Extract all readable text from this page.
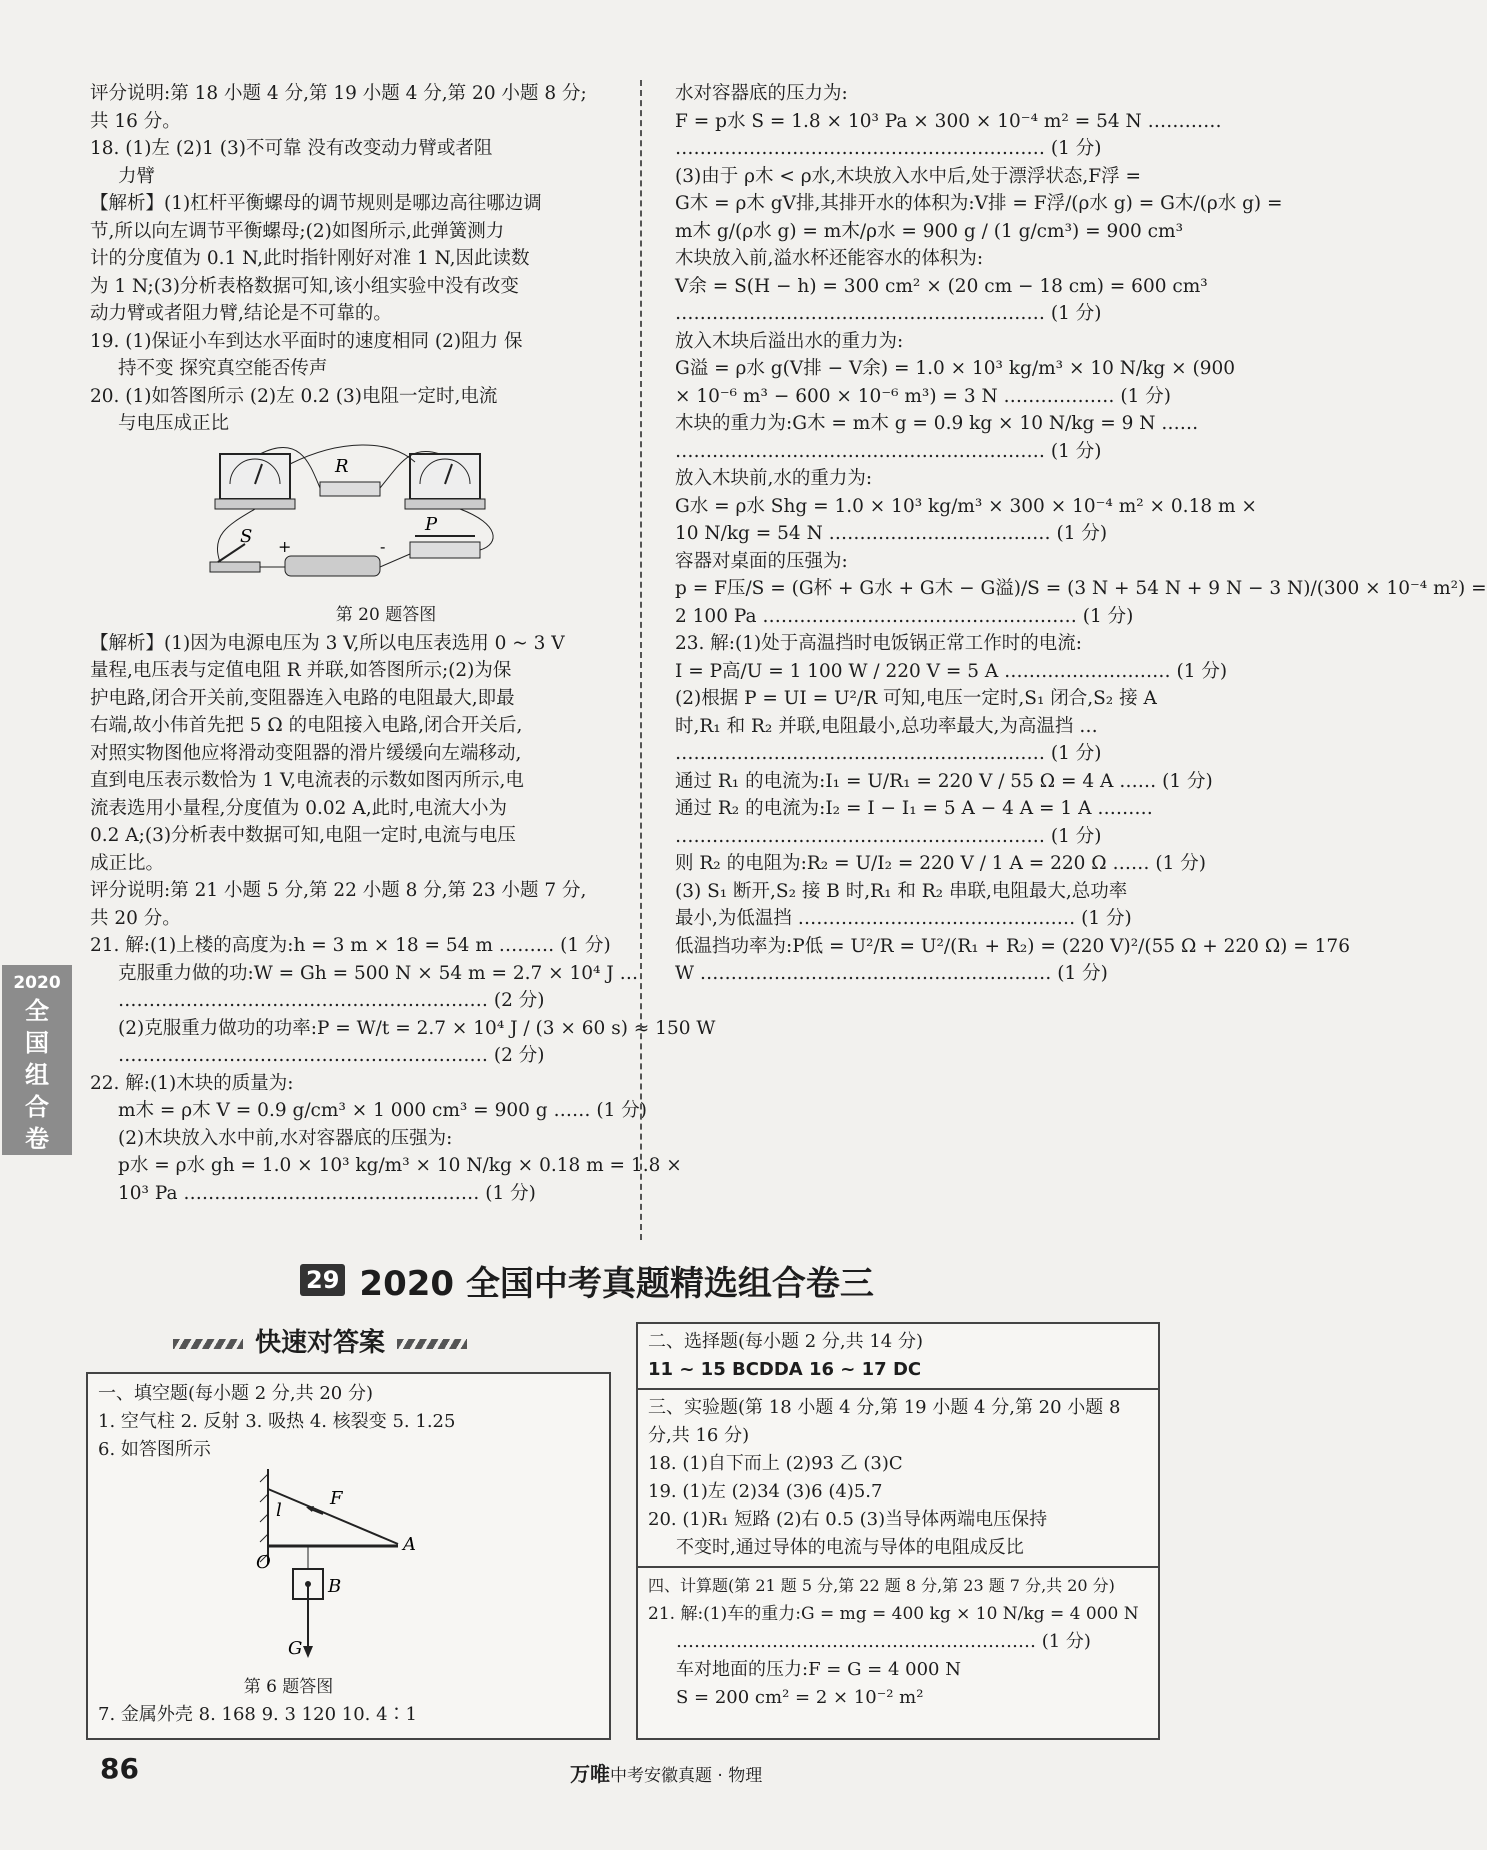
评分说明:第 18 小题 4 分,第 19 小题 4 分,第 20 小题 8 分;

共 16 分。

18. (1)左 (2)1 (3)不可靠 没有改变动力臂或者阻

力臂

【解析】(1)杠杆平衡螺母的调节规则是哪边高往哪边调

节,所以向左调节平衡螺母;(2)如图所示,此弹簧测力

计的分度值为 0.1 N,此时指针刚好对准 1 N,因此读数

为 1 N;(3)分析表格数据可知,该小组实验中没有改变

动力臂或者阻力臂,结论是不可靠的。

19. (1)保证小车到达水平面时的速度相同 (2)阻力 保

持不变 探究真空能否传声

20. (1)如答图所示 (2)左 0.2 (3)电阻一定时,电流

与电压成正比

R
S +	-
P

第 20 题答图

【解析】(1)因为电源电压为 3 V,所以电压表选用 0 ~ 3 V

量程,电压表与定值电阻 R 并联,如答图所示;(2)为保

护电路,闭合开关前,变阻器连入电路的电阻最大,即最

右端,故小伟首先把 5 Ω 的电阻接入电路,闭合开关后,

对照实物图他应将滑动变阻器的滑片缓缓向左端移动,

直到电压表示数恰为 1 V,电流表的示数如图丙所示,电

流表选用小量程,分度值为 0.02 A,此时,电流大小为

0.2 A;(3)分析表中数据可知,电阻一定时,电流与电压

成正比。

评分说明:第 21 小题 5 分,第 22 小题 8 分,第 23 小题 7 分,

共 20 分。

21. 解:(1)上楼的高度为:h = 3 m × 18 = 54 m ……… (1 分)

克服重力做的功:W = Gh = 500 N × 54 m = 2.7 × 10⁴ J …

…………………………………………………… (2 分)

(2)克服重力做功的功率:P = W/t = 2.7 × 10⁴ J / (3 × 60 s) ≈ 150 W

…………………………………………………… (2 分)

22. 解:(1)木块的质量为:

m木 = ρ木 V = 0.9 g/cm³ × 1 000 cm³ = 900 g …… (1 分)

(2)木块放入水中前,水对容器底的压强为:

p水 = ρ水 gh = 1.0 × 10³ kg/m³ × 10 N/kg × 0.18 m = 1.8 ×

10³ Pa ………………………………………… (1 分)

水对容器底的压力为:

F = p水 S = 1.8 × 10³ Pa × 300 × 10⁻⁴ m² = 54 N …………

…………………………………………………… (1 分)

(3)由于 ρ木 < ρ水,木块放入水中后,处于漂浮状态,F浮 =

G木 = ρ木 gV排,其排开水的体积为:V排 = F浮/(ρ水 g) = G木/(ρ水 g) =

m木 g/(ρ水 g) = m木/ρ水 = 900 g / (1 g/cm³) = 900 cm³

木块放入前,溢水杯还能容水的体积为:

V余 = S(H − h) = 300 cm² × (20 cm − 18 cm) = 600 cm³

…………………………………………………… (1 分)

放入木块后溢出水的重力为:

G溢 = ρ水 g(V排 − V余) = 1.0 × 10³ kg/m³ × 10 N/kg × (900

× 10⁻⁶ m³ − 600 × 10⁻⁶ m³) = 3 N ……………… (1 分)

木块的重力为:G木 = m木 g = 0.9 kg × 10 N/kg = 9 N ……

…………………………………………………… (1 分)

放入木块前,水的重力为:

G水 = ρ水 Shg = 1.0 × 10³ kg/m³ × 300 × 10⁻⁴ m² × 0.18 m ×

10 N/kg = 54 N ……………………………… (1 分)

容器对桌面的压强为:

p = F压/S = (G杯 + G水 + G木 − G溢)/S = (3 N + 54 N + 9 N − 3 N)/(300 × 10⁻⁴ m²) =

2 100 Pa …………………………………………… (1 分)

23. 解:(1)处于高温挡时电饭锅正常工作时的电流:

I = P高/U = 1 100 W / 220 V = 5 A ……………………… (1 分)

(2)根据 P = UI = U²/R 可知,电压一定时,S₁ 闭合,S₂ 接 A

时,R₁ 和 R₂ 并联,电阻最小,总功率最大,为高温挡 …

…………………………………………………… (1 分)

通过 R₁ 的电流为:I₁ = U/R₁ = 220 V / 55 Ω = 4 A …… (1 分)

通过 R₂ 的电流为:I₂ = I − I₁ = 5 A − 4 A = 1 A ………

…………………………………………………… (1 分)

则 R₂ 的电阻为:R₂ = U/I₂ = 220 V / 1 A = 220 Ω …… (1 分)

(3) S₁ 断开,S₂ 接 B 时,R₁ 和 R₂ 串联,电阻最大,总功率

最小,为低温挡 ……………………………………… (1 分)

低温挡功率为:P低 = U²/R = U²/(R₁ + R₂) = (220 V)²/(55 Ω + 220 Ω) = 176

W ………………………………………………… (1 分)

2020
全
国
组
合
卷
29 2020 全国中考真题精选组合卷三
快速对答案

一、填空题(每小题 2 分,共 20 分)

1. 空气柱 2. 反射 3. 吸热 4. 核裂变 5. 1.25

6. 如答图所示

F
l
O
A
B
G

第 6 题答图

7. 金属外壳 8. 168 9. 3 120 10. 4∶1

二、选择题(每小题 2 分,共 14 分)

11 ~ 15 BCDDA 16 ~ 17 DC

三、实验题(第 18 小题 4 分,第 19 小题 4 分,第 20 小题 8

分,共 16 分)

18. (1)自下而上 (2)93 乙 (3)C

19. (1)左 (2)34 (3)6 (4)5.7

20. (1)R₁ 短路 (2)右 0.5 (3)当导体两端电压保持

不变时,通过导体的电流与导体的电阻成反比

四、计算题(第 21 题 5 分,第 22 题 8 分,第 23 题 7 分,共 20 分)

21. 解:(1)车的重力:G = mg = 400 kg × 10 N/kg = 4 000 N

…………………………………………………… (1 分)

车对地面的压力:F = G = 4 000 N

S = 200 cm² = 2 × 10⁻² m²

86	万唯中考安徽真题 · 物理
